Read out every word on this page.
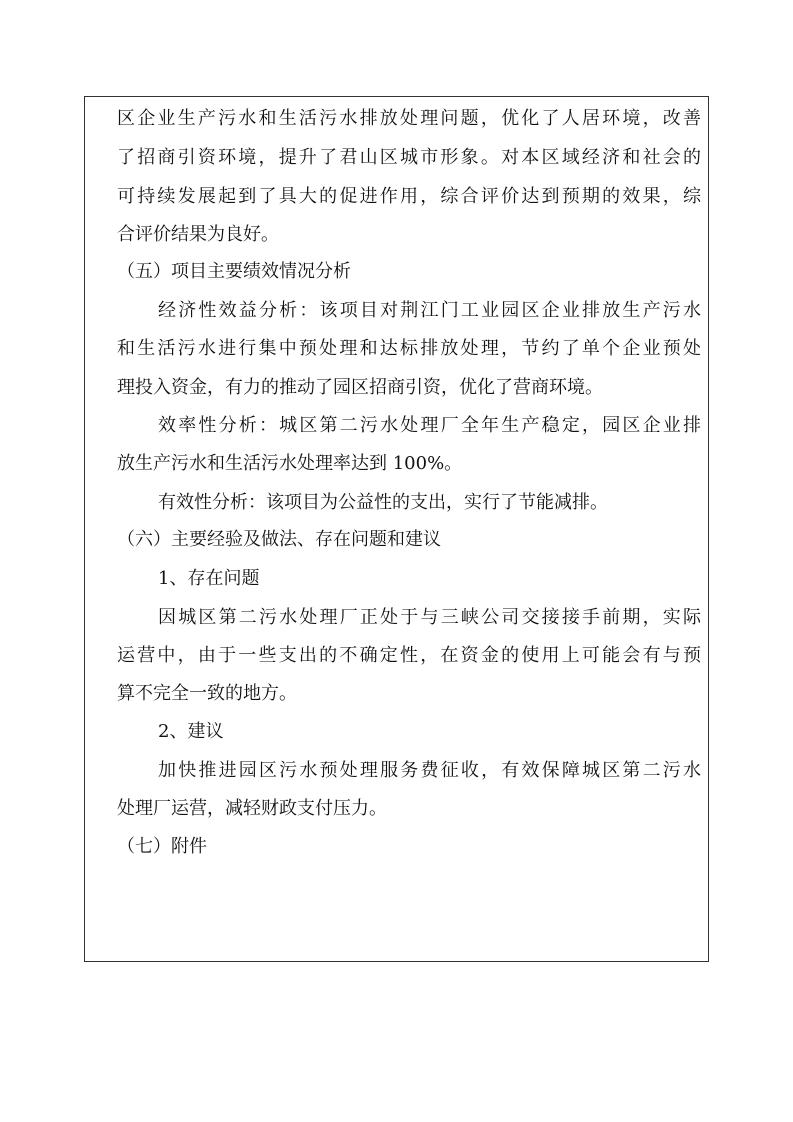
区企业生产污水和生活污水排放处理问题，优化了人居环境，改善
了招商引资环境，提升了君山区城市形象。对本区域经济和社会的
可持续发展起到了具大的促进作用，综合评价达到预期的效果，综
合评价结果为良好。
（五）项目主要绩效情况分析
经济性效益分析：该项目对荆江门工业园区企业排放生产污水
和生活污水进行集中预处理和达标排放处理，节约了单个企业预处
理投入资金，有力的推动了园区招商引资，优化了营商环境。
效率性分析：城区第二污水处理厂全年生产稳定，园区企业排
放生产污水和生活污水处理率达到 100%。
有效性分析：该项目为公益性的支出，实行了节能减排。
（六）主要经验及做法、存在问题和建议
1、存在问题
因城区第二污水处理厂正处于与三峡公司交接接手前期，实际
运营中，由于一些支出的不确定性，在资金的使用上可能会有与预
算不完全一致的地方。
2、建议
加快推进园区污水预处理服务费征收，有效保障城区第二污水
处理厂运营，减轻财政支付压力。
（七）附件
